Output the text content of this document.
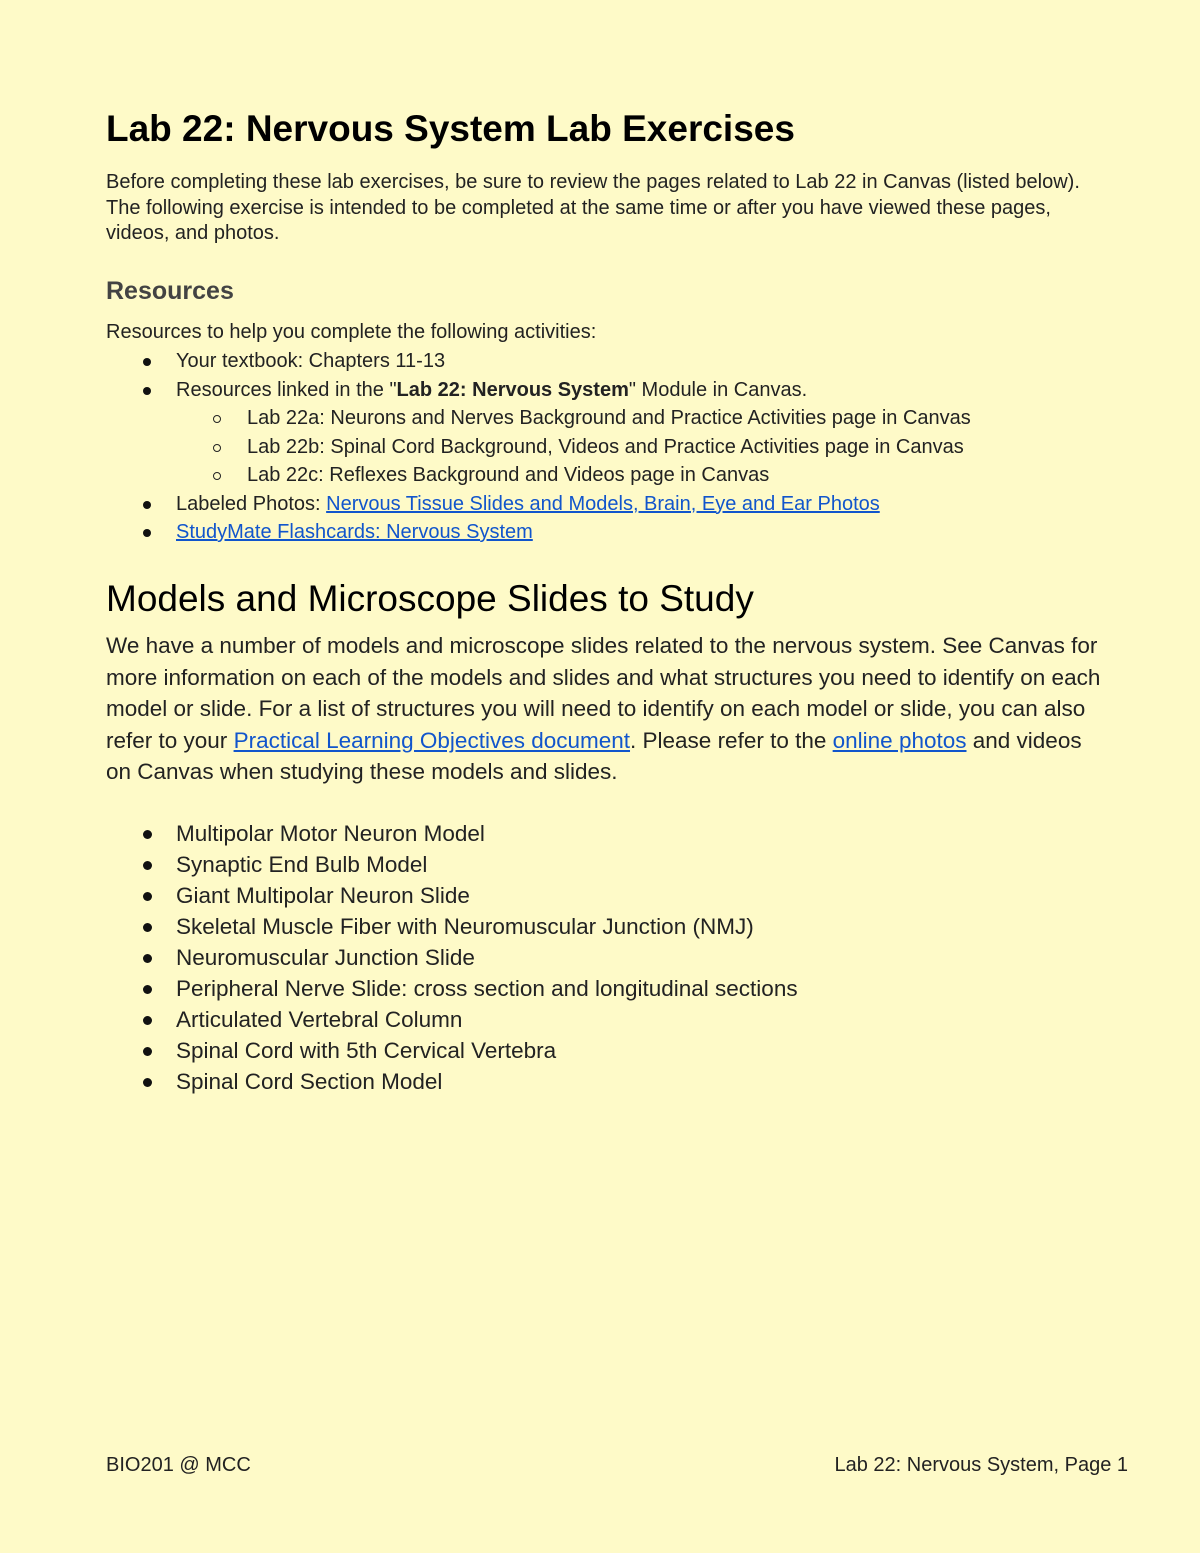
Lab 22: Nervous System Lab Exercises
Before completing these lab exercises, be sure to review the pages related to Lab 22 in Canvas (listed below). The following exercise is intended to be completed at the same time or after you have viewed these pages, videos, and photos.
Resources
Resources to help you complete the following activities:
Your textbook: Chapters 11-13
Resources linked in the "Lab 22: Nervous System" Module in Canvas.
Lab 22a: Neurons and Nerves Background and Practice Activities page in Canvas
Lab 22b: Spinal Cord Background, Videos and Practice Activities page in Canvas
Lab 22c: Reflexes Background and Videos page in Canvas
Labeled Photos: Nervous Tissue Slides and Models, Brain, Eye and Ear Photos
StudyMate Flashcards: Nervous System
Models and Microscope Slides to Study
We have a number of models and microscope slides related to the nervous system. See Canvas for more information on each of the models and slides and what structures you need to identify on each model or slide. For a list of structures you will need to identify on each model or slide, you can also refer to your Practical Learning Objectives document. Please refer to the online photos and videos on Canvas when studying these models and slides.
Multipolar Motor Neuron Model
Synaptic End Bulb Model
Giant Multipolar Neuron Slide
Skeletal Muscle Fiber with Neuromuscular Junction (NMJ)
Neuromuscular Junction Slide
Peripheral Nerve Slide: cross section and longitudinal sections
Articulated Vertebral Column
Spinal Cord with 5th Cervical Vertebra
Spinal Cord Section Model
BIO201 @ MCC	Lab 22: Nervous System, Page 1
